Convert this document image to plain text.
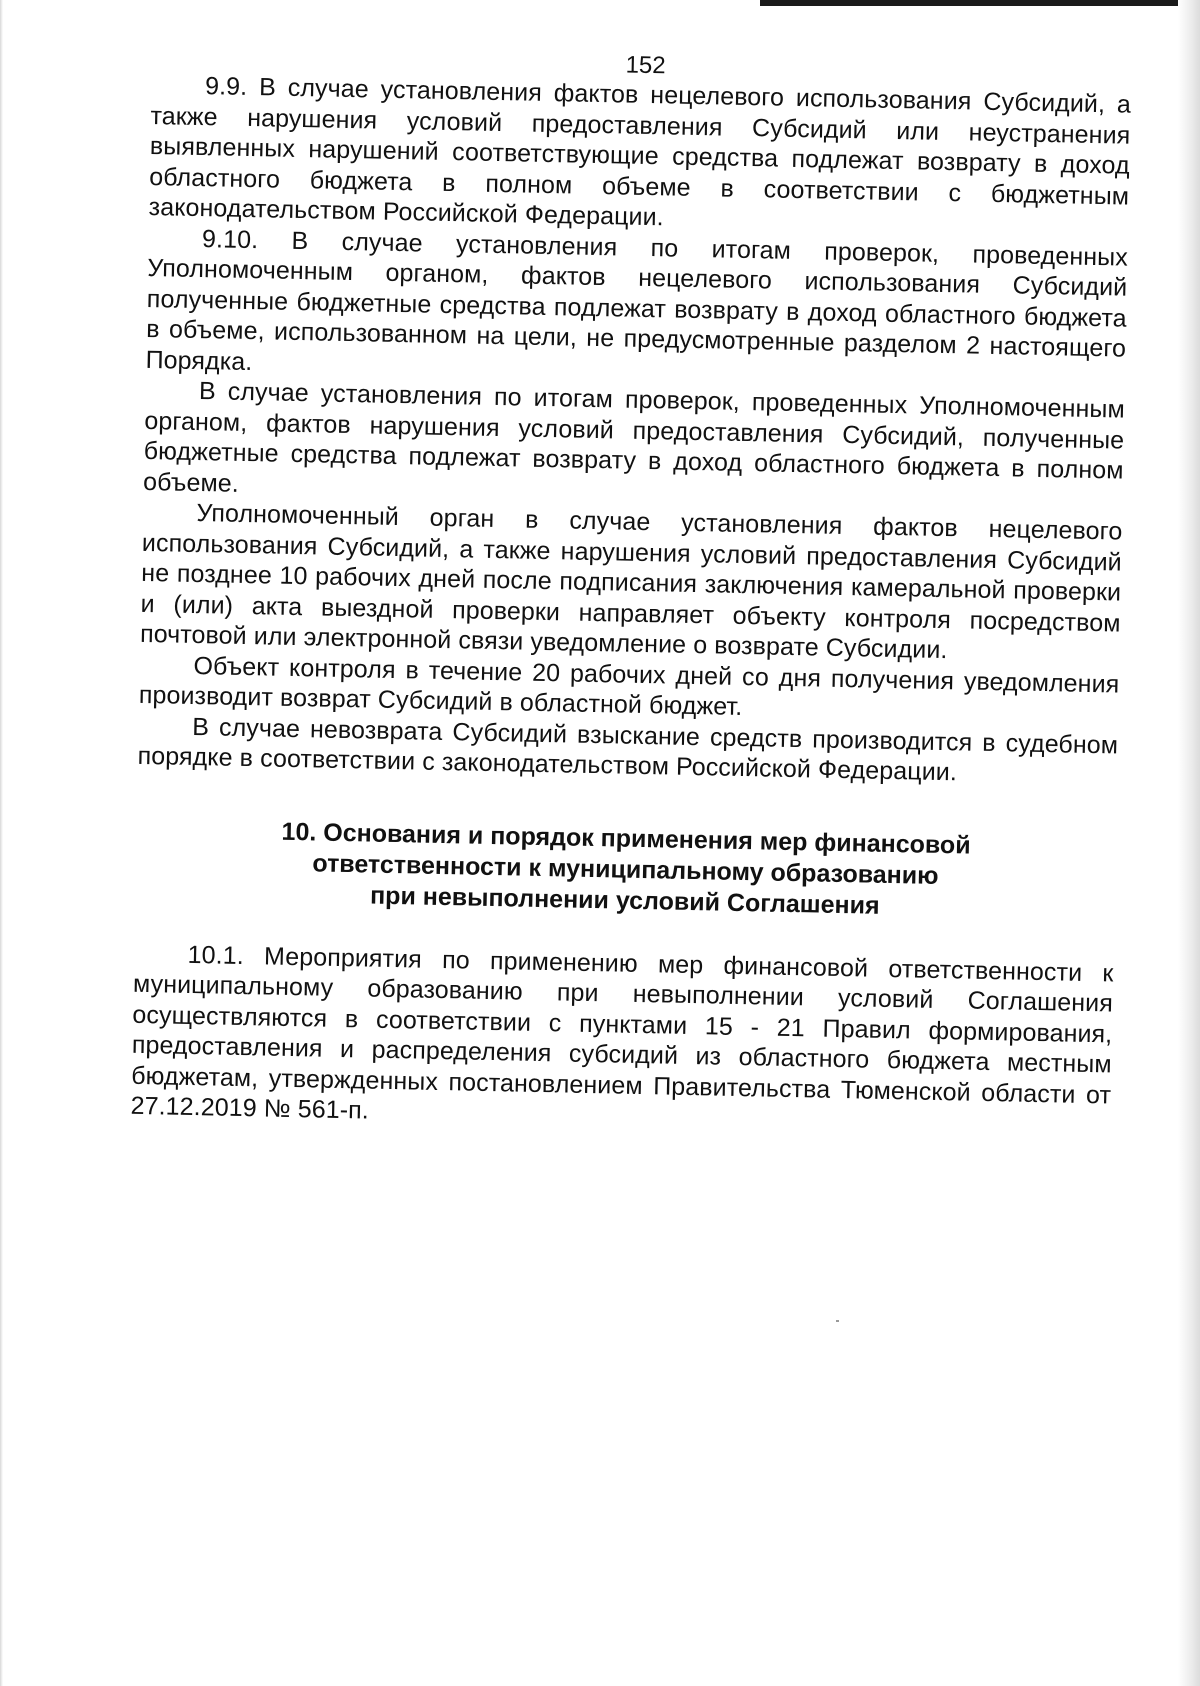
152

9.9. В случае установления фактов нецелевого использования Субсидий, а также нарушения условий предоставления Субсидий или неустранения выявленных нарушений соответствующие средства подлежат возврату в доход областного бюджета в полном объеме в соответствии с бюджетным законодательством Российской Федерации.

9.10. В случае установления по итогам проверок, проведенных Уполномоченным органом, фактов нецелевого использования Субсидий полученные бюджетные средства подлежат возврату в доход областного бюджета в объеме, использованном на цели, не предусмотренные разделом 2 настоящего Порядка.

В случае установления по итогам проверок, проведенных Уполномоченным органом, фактов нарушения условий предоставления Субсидий, полученные бюджетные средства подлежат возврату в доход областного бюджета в полном объеме.

Уполномоченный орган в случае установления фактов нецелевого использования Субсидий, а также нарушения условий предоставления Субсидий не позднее 10 рабочих дней после подписания заключения камеральной проверки и (или) акта выездной проверки направляет объекту контроля посредством почтовой или электронной связи уведомление о возврате Субсидии.

Объект контроля в течение 20 рабочих дней со дня получения уведомления производит возврат Субсидий в областной бюджет.

В случае невозврата Субсидий взыскание средств производится в судебном порядке в соответствии с законодательством Российской Федерации.

10. Основания и порядок применения мер финансовой
ответственности к муниципальному образованию
при невыполнении условий Соглашения

10.1. Мероприятия по применению мер финансовой ответственности к муниципальному образованию при невыполнении условий Соглашения осуществляются в соответствии с пунктами 15 - 21 Правил формирования, предоставления и распределения субсидий из областного бюджета местным бюджетам, утвержденных постановлением Правительства Тюменской области от 27.12.2019 № 561-п.
